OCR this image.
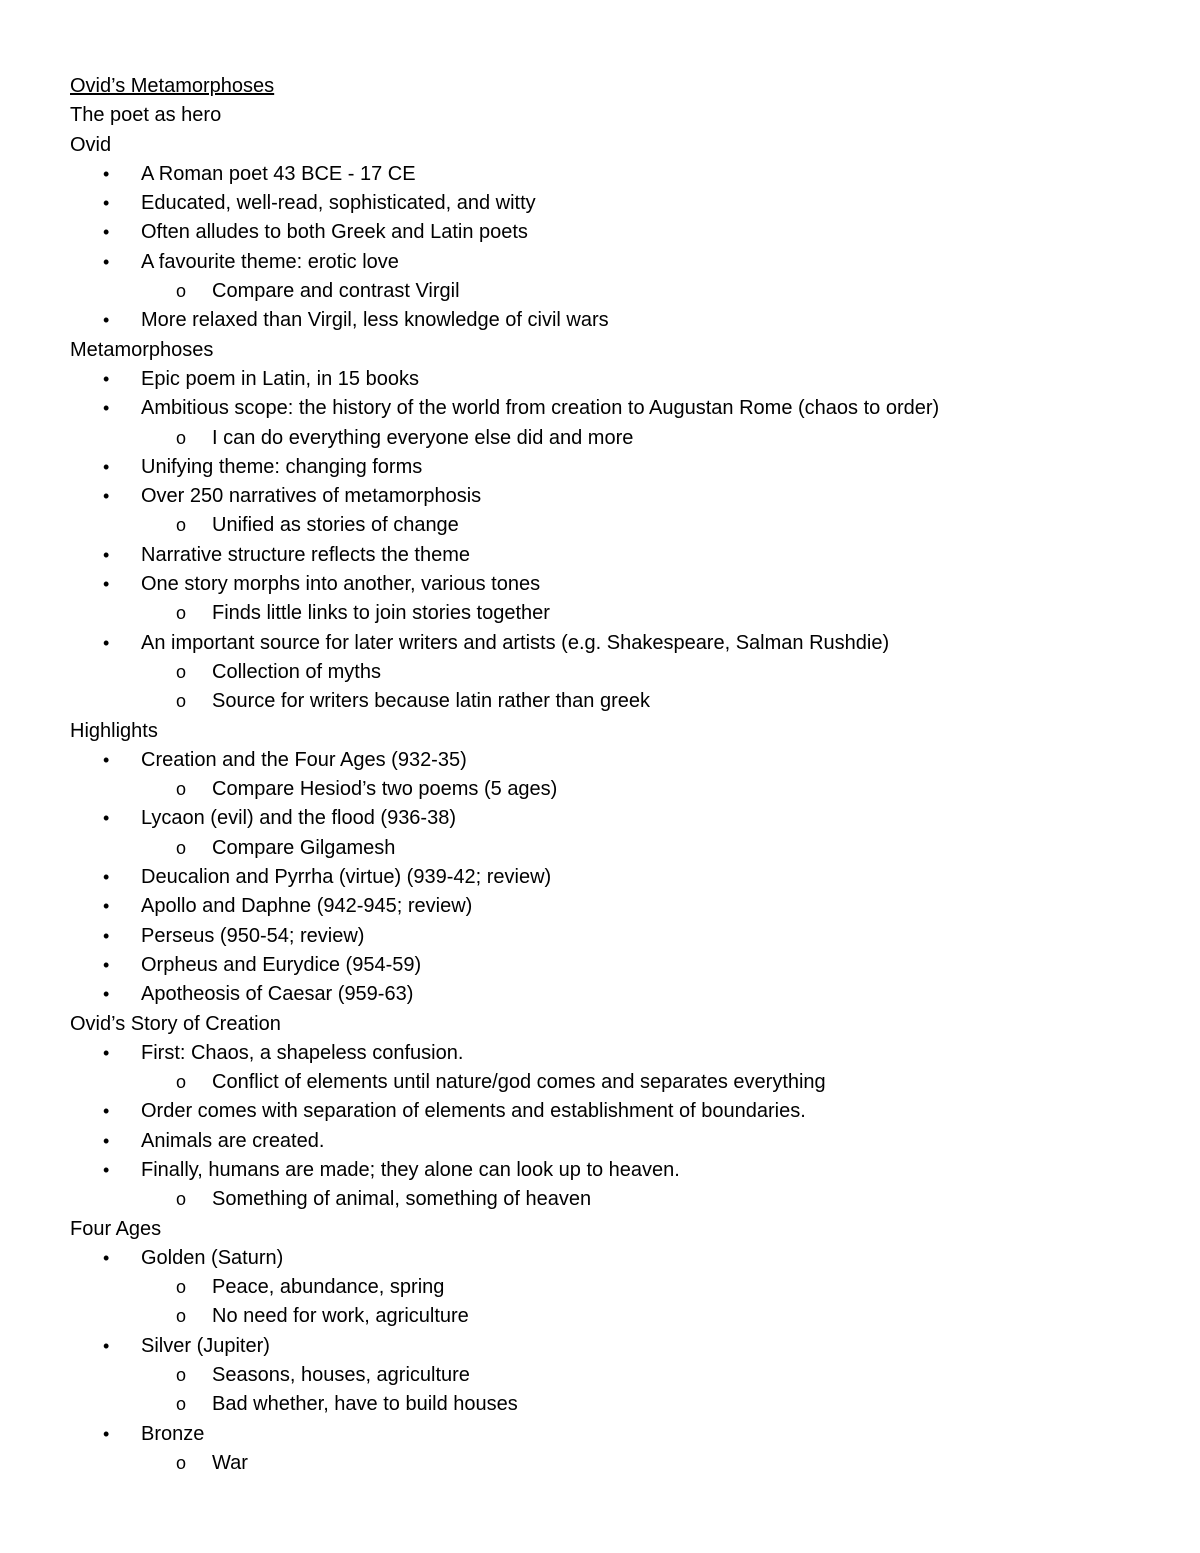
Ovid’s Metamorphoses
The poet as hero
Ovid
• A Roman poet 43 BCE - 17 CE
• Educated, well-read, sophisticated, and witty
• Often alludes to both Greek and Latin poets
• A favourite theme: erotic love
o Compare and contrast Virgil
• More relaxed than Virgil, less knowledge of civil wars
Metamorphoses
• Epic poem in Latin, in 15 books
• Ambitious scope: the history of the world from creation to Augustan Rome (chaos to order)
o I can do everything everyone else did and more
• Unifying theme: changing forms
• Over 250 narratives of metamorphosis
o Unified as stories of change
• Narrative structure reflects the theme
• One story morphs into another, various tones
o Finds little links to join stories together
• An important source for later writers and artists (e.g. Shakespeare, Salman Rushdie)
o Collection of myths
o Source for writers because latin rather than greek
Highlights
• Creation and the Four Ages (932-35)
o Compare Hesiod’s two poems (5 ages)
• Lycaon (evil) and the flood (936-38)
o Compare Gilgamesh
• Deucalion and Pyrrha (virtue) (939-42; review)
• Apollo and Daphne (942-945; review)
• Perseus (950-54; review)
• Orpheus and Eurydice (954-59)
• Apotheosis of Caesar (959-63)
Ovid’s Story of Creation
• First: Chaos, a shapeless confusion.
o Conflict of elements until nature/god comes and separates everything
• Order comes with separation of elements and establishment of boundaries.
• Animals are created.
• Finally, humans are made; they alone can look up to heaven.
o Something of animal, something of heaven
Four Ages
• Golden (Saturn)
o Peace, abundance, spring
o No need for work, agriculture
• Silver (Jupiter)
o Seasons, houses, agriculture
o Bad whether, have to build houses
• Bronze
o War
